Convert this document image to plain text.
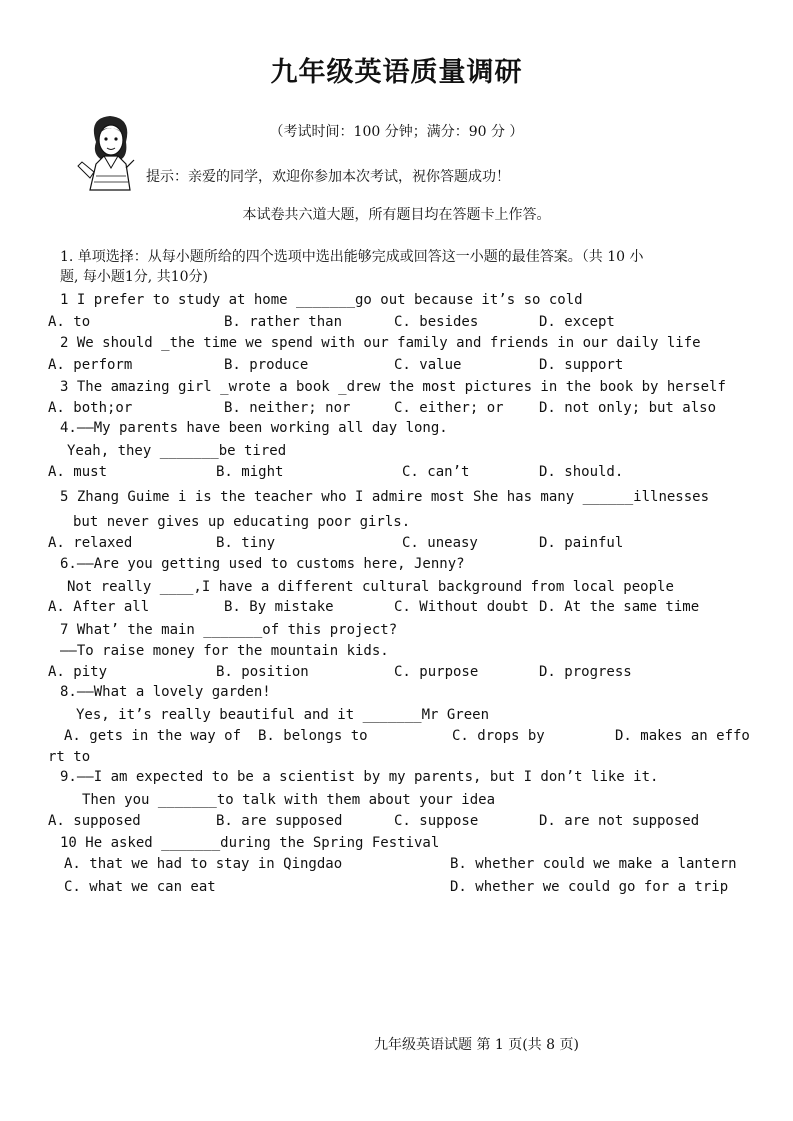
九年级英语质量调研
（考试时间：100 分钟；满分：90 分 ）
提示：亲爱的同学，欢迎你参加本次考试，祝你答题成功！
本试卷共六道大题，所有题目均在答题卡上作答。
1. 单项选择：从每小题所给的四个选项中选出能够完成或回答这一小题的最佳答案。（共 10 小
题, 每小题1分, 共10分)
1 I prefer to study at home _______go out because it’s so cold
A. to	B. rather than	C. besides	D. except
2 We should _the time we spend with our family and friends in our daily life
A. perform	B. produce	C. value	D. support
3 The amazing girl _wrote a book _drew the most pictures in the book by herself
A. both;or	B. neither; nor	C. either; or	D. not only; but also
4.——My parents have been working all day long.
Yeah, they _______be tired
A. must	B. might	C. can’t	D. should.
5 Zhang Guime i is the teacher who I admire most She has many ______illnesses
but never gives up educating poor girls.
A. relaxed	B. tiny	C. uneasy	D. painful
6.——Are you getting used to customs here, Jenny?
Not really ____,I have a different cultural background from local people
A. After all	B. By mistake	C. Without doubt D. At the same time
7 What’ the main _______of this project?
——To raise money for the mountain kids.
A. pity	B. position	C. purpose	D. progress
8.——What a lovely garden!
Yes, it’s really beautiful and it _______Mr Green
A. gets in the way of B. belongs to	C. drops by	D. makes an effo
rt to
9.——I am expected to be a scientist by my parents, but I don’t like it.
Then you _______to talk with them about your idea
A. supposed	B. are supposed	C. suppose	D. are not supposed
10 He asked _______during the Spring Festival
A. that we had to stay in Qingdao	B. whether could we make a lantern
C. what we can eat	D. whether we could go for a trip
九年级英语试题 第 1 页(共 8 页)
